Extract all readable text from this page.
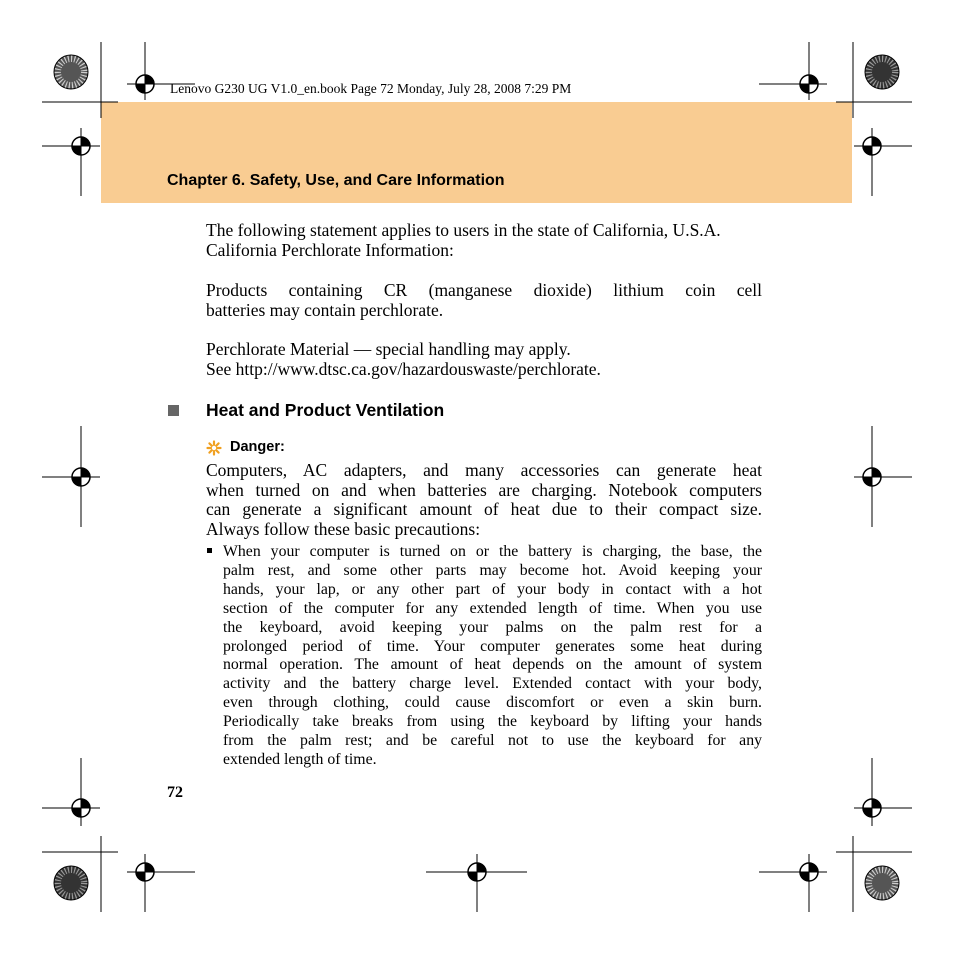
Lenovo G230 UG V1.0_en.book Page 72 Monday, July 28, 2008 7:29 PM
Chapter 6. Safety, Use, and Care Information
The following statement applies to users in the state of California, U.S.A.
California Perchlorate Information:
Products containing CR (manganese dioxide) lithium coin cell
batteries may contain perchlorate.
Perchlorate Material — special handling may apply.
See http://www.dtsc.ca.gov/hazardouswaste/perchlorate.
Heat and Product Ventilation
Danger:
Computers, AC adapters, and many accessories can generate heat
when turned on and when batteries are charging. Notebook computers
can generate a significant amount of heat due to their compact size.
Always follow these basic precautions:
When your computer is turned on or the battery is charging, the base, the
palm rest, and some other parts may become hot. Avoid keeping your
hands, your lap, or any other part of your body in contact with a hot
section of the computer for any extended length of time. When you use
the keyboard, avoid keeping your palms on the palm rest for a
prolonged period of time. Your computer generates some heat during
normal operation. The amount of heat depends on the amount of system
activity and the battery charge level. Extended contact with your body,
even through clothing, could cause discomfort or even a skin burn.
Periodically take breaks from using the keyboard by lifting your hands
from the palm rest; and be careful not to use the keyboard for any
extended length of time.
72
